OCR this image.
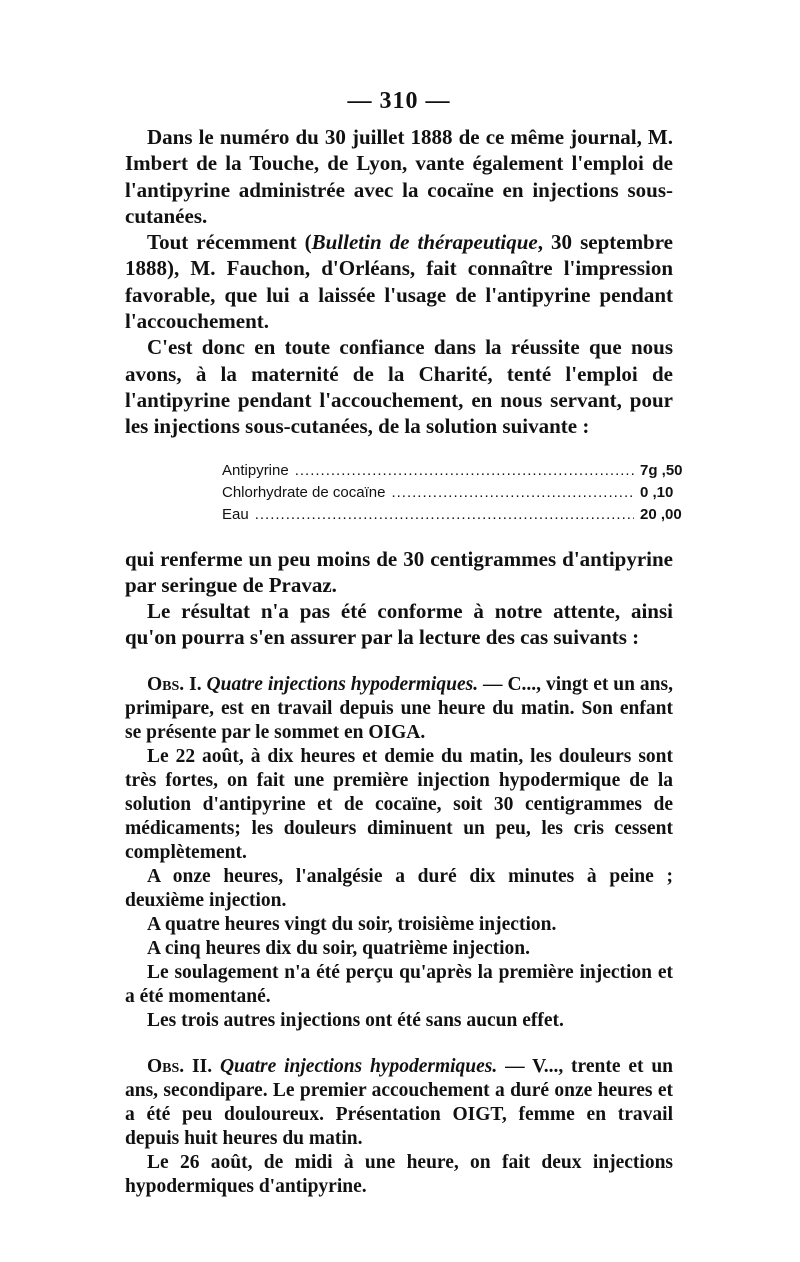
— 310 —

Dans le numéro du 30 juillet 1888 de ce même journal, M. Imbert de la Touche, de Lyon, vante également l'emploi de l'antipyrine administrée avec la cocaïne en injections sous-cutanées.

Tout récemment (Bulletin de thérapeutique, 30 septembre 1888), M. Fauchon, d'Orléans, fait connaître l'impression favorable, que lui a laissée l'usage de l'antipyrine pendant l'accouchement.

C'est donc en toute confiance dans la réussite que nous avons, à la maternité de la Charité, tenté l'emploi de l'antipyrine pendant l'accouchement, en nous servant, pour les injections sous-cutanées, de la solution suivante :

Antipyrine .....	7g ,50
Chlorhydrate de cocaïne .....	0 ,10
Eau .....	20 ,00

qui renferme un peu moins de 30 centigrammes d'antipyrine par seringue de Pravaz.

Le résultat n'a pas été conforme à notre attente, ainsi qu'on pourra s'en assurer par la lecture des cas suivants :

Obs. I. Quatre injections hypodermiques. — C..., vingt et un ans, primipare, est en travail depuis une heure du matin. Son enfant se présente par le sommet en OIGA.

Le 22 août, à dix heures et demie du matin, les douleurs sont très fortes, on fait une première injection hypodermique de la solution d'antipyrine et de cocaïne, soit 30 centigrammes de médicaments; les douleurs diminuent un peu, les cris cessent complètement.

A onze heures, l'analgésie a duré dix minutes à peine ; deuxième injection.

A quatre heures vingt du soir, troisième injection.

A cinq heures dix du soir, quatrième injection.

Le soulagement n'a été perçu qu'après la première injection et a été momentané.

Les trois autres injections ont été sans aucun effet.

Obs. II. Quatre injections hypodermiques. — V..., trente et un ans, secondipare. Le premier accouchement a duré onze heures et a été peu douloureux. Présentation OIGT, femme en travail depuis huit heures du matin.

Le 26 août, de midi à une heure, on fait deux injections hypodermiques d'antipyrine.
